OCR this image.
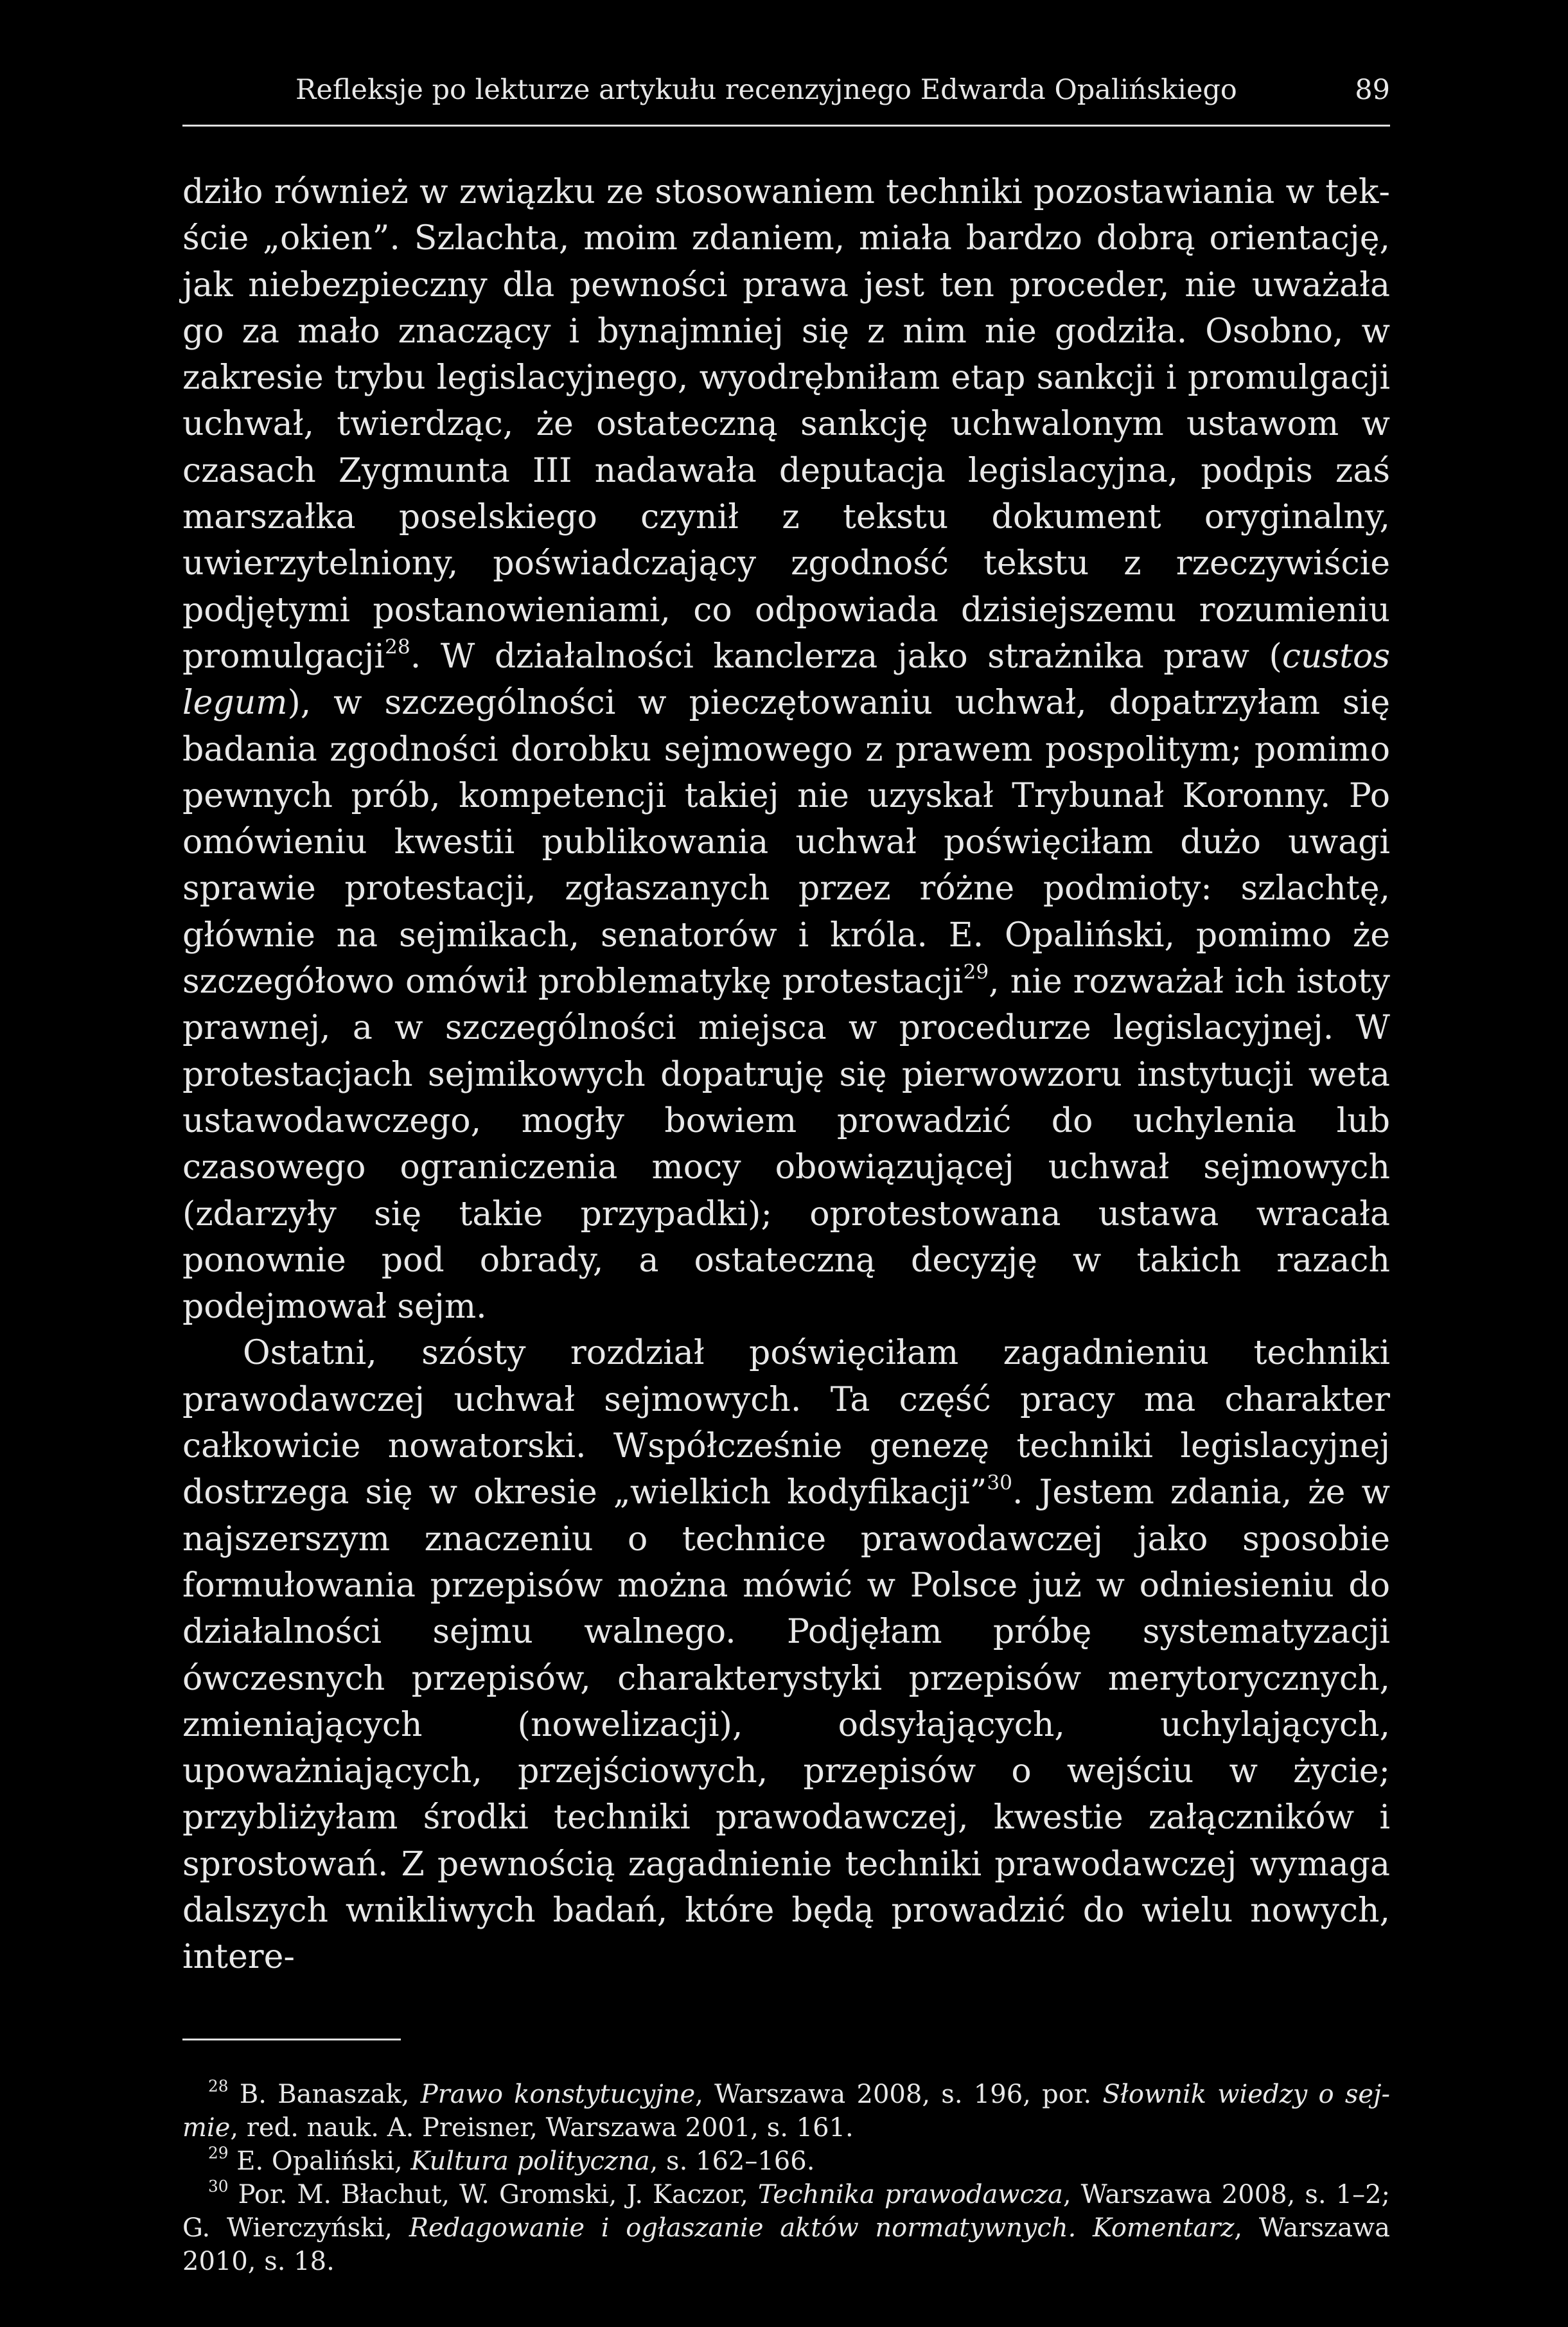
Refleksje po lekturze artykułu recenzyjnego Edwarda Opalińskiego	89

dziło również w związku ze stosowaniem techniki pozostawiania w tekście „okien”. Szlachta, moim zdaniem, miała bardzo dobrą orientację, jak niebezpieczny dla pewności prawa jest ten proceder, nie uważała go za mało znaczący i bynajmniej się z nim nie godziła. Osobno, w zakresie trybu legislacyjnego, wyodrębniłam etap sankcji i promulgacji uchwał, twierdząc, że ostateczną sankcję uchwalonym ustawom w czasach Zygmunta III nadawała deputacja legislacyjna, podpis zaś marszałka poselskiego czynił z tekstu dokument oryginalny, uwierzytelniony, poświadczający zgodność tekstu z rzeczywiście podjętymi postanowieniami, co odpowiada dzisiejszemu rozumieniu promulgacji$^{28}$. W działalności kanclerza jako strażnika praw (custos legum), w szczególności w pieczętowaniu uchwał, dopatrzyłam się badania zgodności dorobku sejmowego z prawem pospolitym; pomimo pewnych prób, kompetencji takiej nie uzyskał Trybunał Koronny. Po omówieniu kwestii publikowania uchwał poświęciłam dużo uwagi sprawie protestacji, zgłaszanych przez różne podmioty: szlachtę, głównie na sejmikach, senatorów i króla. E. Opaliński, pomimo że szczegółowo omówił problematykę protestacji$^{29}$, nie rozważał ich istoty prawnej, a w szczególności miejsca w procedurze legislacyjnej. W protestacjach sejmikowych dopatruję się pierwowzoru instytucji weta ustawodawczego, mogły bowiem prowadzić do uchylenia lub czasowego ograniczenia mocy obowiązującej uchwał sejmowych (zdarzyły się takie przypadki); oprotestowana ustawa wracała ponownie pod obrady, a ostateczną decyzję w takich razach podejmował sejm.

Ostatni, szósty rozdział poświęciłam zagadnieniu techniki prawodawczej uchwał sejmowych. Ta część pracy ma charakter całkowicie nowatorski. Współcześnie genezę techniki legislacyjnej dostrzega się w okresie „wielkich kodyfikacji”$^{30}$. Jestem zdania, że w najszerszym znaczeniu o technice prawodawczej jako sposobie formułowania przepisów można mówić w Polsce już w odniesieniu do działalności sejmu walnego. Podjęłam próbę systematyzacji ówczesnych przepisów, charakterystyki przepisów merytorycznych, zmieniających (nowelizacji), odsyłających, uchylających, upoważniających, przejściowych, przepisów o wejściu w życie; przybliżyłam środki techniki prawodawczej, kwestie załączników i sprostowań. Z pewnością zagadnienie techniki prawodawczej wymaga dalszych wnikliwych badań, które będą prowadzić do wielu nowych, intere-

$^{28}$ B. Banaszak, Prawo konstytucyjne, Warszawa 2008, s. 196, por. Słownik wiedzy o sejmie, red. nauk. A. Preisner, Warszawa 2001, s. 161.

$^{29}$ E. Opaliński, Kultura polityczna, s. 162–166.

$^{30}$ Por. M. Błachut, W. Gromski, J. Kaczor, Technika prawodawcza, Warszawa 2008, s. 1–2; G. Wierczyński, Redagowanie i ogłaszanie aktów normatywnych. Komentarz, Warszawa 2010, s. 18.
